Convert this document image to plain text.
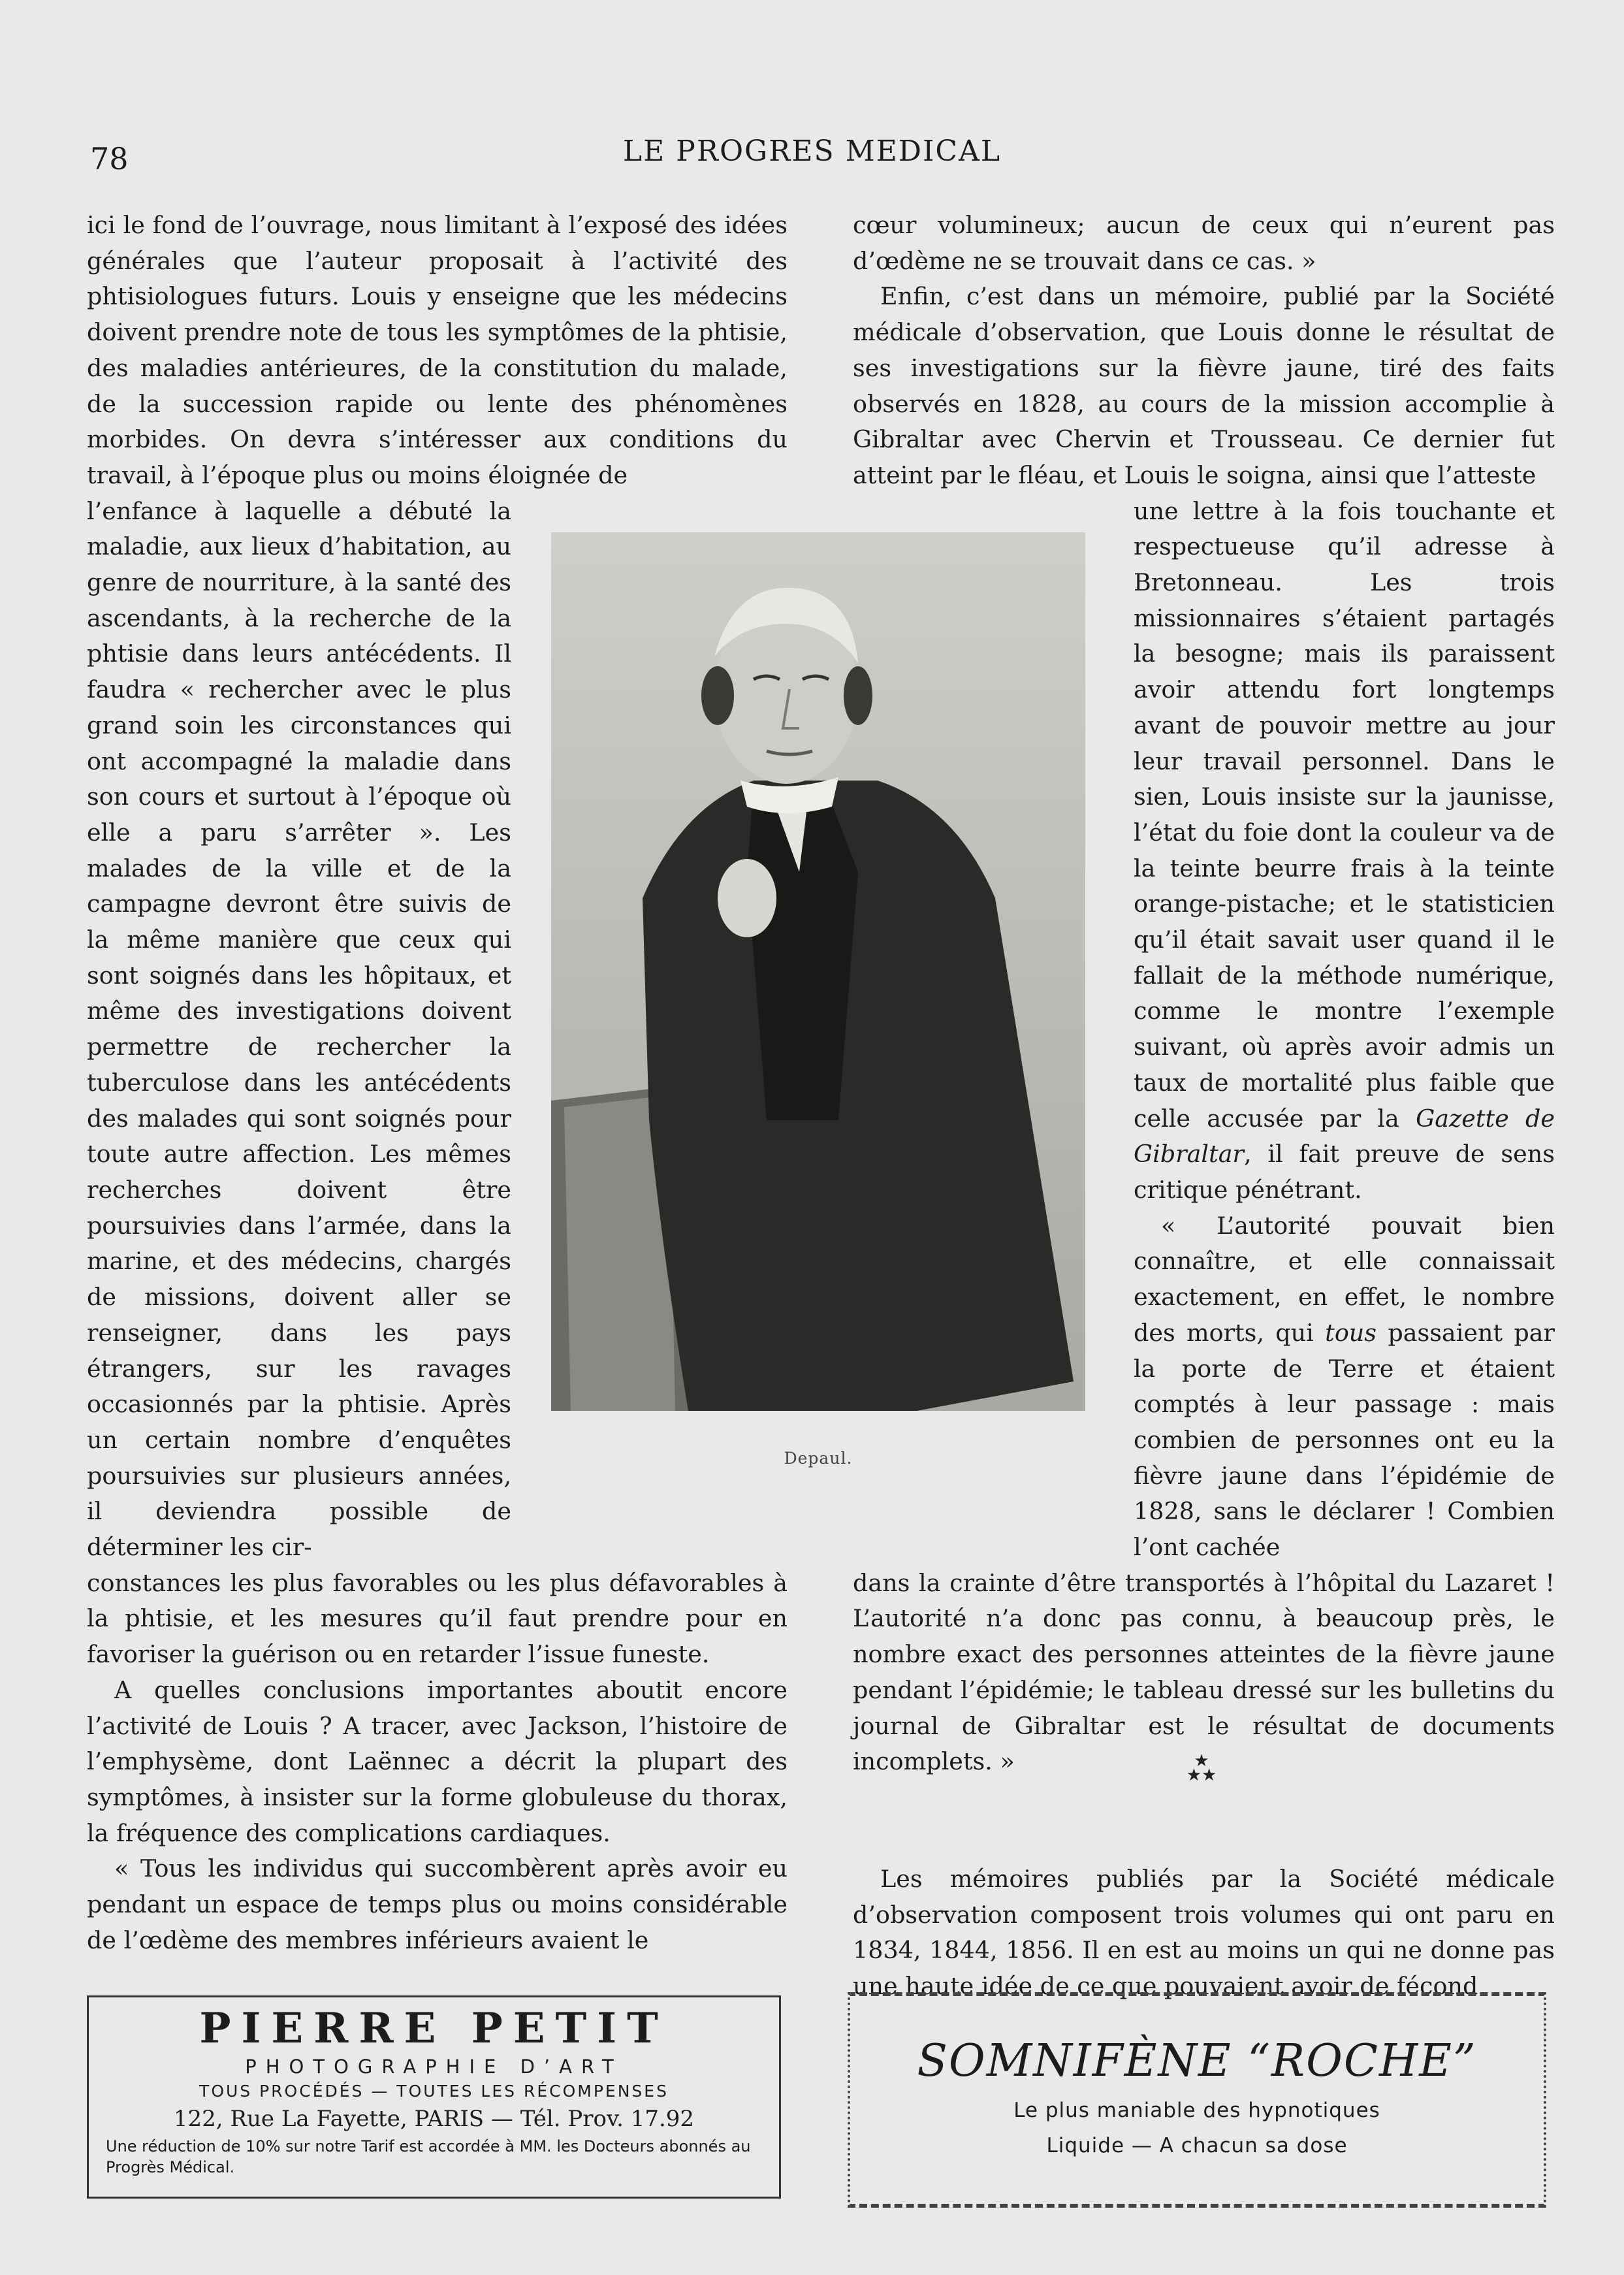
78	LE PROGRES MEDICAL

ici le fond de l’ouvrage, nous limitant à l’exposé des idées générales que l’auteur proposait à l’activité des phtisiologues futurs. Louis y enseigne que les médecins doivent prendre note de tous les symptômes de la phtisie, des maladies antérieures, de la constitution du malade, de la succession rapide ou lente des phénomènes morbides. On devra s’intéresser aux conditions du travail, à l’époque plus ou moins éloignée de

l’enfance à laquelle a débuté la maladie, aux lieux d’habitation, au genre de nourriture, à la santé des ascendants, à la recherche de la phtisie dans leurs antécédents. Il faudra « rechercher avec le plus grand soin les circonstances qui ont accompagné la maladie dans son cours et surtout à l’époque où elle a paru s’arrêter ». Les malades de la ville et de la campagne devront être suivis de la même manière que ceux qui sont soignés dans les hôpitaux, et même des investigations doivent permettre de rechercher la tuberculose dans les antécédents des malades qui sont soignés pour toute autre affection. Les mêmes recherches doivent être poursuivies dans l’armée, dans la marine, et des médecins, chargés de missions, doivent aller se renseigner, dans les pays étrangers, sur les ravages occasionnés par la phtisie. Après un certain nombre d’enquêtes poursuivies sur plusieurs années, il deviendra possible de déterminer les cir-

constances les plus favorables ou les plus défavorables à la phtisie, et les mesures qu’il faut prendre pour en favoriser la guérison ou en retarder l’issue funeste.

A quelles conclusions importantes aboutit encore l’activité de Louis ? A tracer, avec Jackson, l’histoire de l’emphysème, dont Laënnec a décrit la plupart des symptômes, à insister sur la forme globuleuse du thorax, la fréquence des complications cardiaques.

« Tous les individus qui succombèrent après avoir eu pendant un espace de temps plus ou moins considérable de l’œdème des membres inférieurs avaient le

cœur volumineux; aucun de ceux qui n’eurent pas d’œdème ne se trouvait dans ce cas. »

Enfin, c’est dans un mémoire, publié par la Société médicale d’observation, que Louis donne le résultat de ses investigations sur la fièvre jaune, tiré des faits observés en 1828, au cours de la mission accomplie à Gibraltar avec Chervin et Trousseau. Ce dernier fut atteint par le fléau, et Louis le soigna, ainsi que l’atteste

une lettre à la fois touchante et respectueuse qu’il adresse à Bretonneau. Les trois missionnaires s’étaient partagés la besogne; mais ils paraissent avoir attendu fort longtemps avant de pouvoir mettre au jour leur travail personnel. Dans le sien, Louis insiste sur la jaunisse, l’état du foie dont la couleur va de la teinte beurre frais à la teinte orange-pistache; et le statisticien qu’il était savait user quand il le fallait de la méthode numérique, comme le montre l’exemple suivant, où après avoir admis un taux de mortalité plus faible que celle accusée par la Gazette de Gibraltar, il fait preuve de sens critique pénétrant.

« L’autorité pouvait bien connaître, et elle connaissait exactement, en effet, le nombre des morts, qui tous passaient par la porte de Terre et étaient comptés à leur passage : mais combien de personnes ont eu la fièvre jaune dans l’épidémie de 1828, sans le déclarer ! Combien l’ont cachée

dans la crainte d’être transportés à l’hôpital du Lazaret ! L’autorité n’a donc pas connu, à beaucoup près, le nombre exact des personnes atteintes de la fièvre jaune pendant l’épidémie; le tableau dressé sur les bulletins du journal de Gibraltar est le résultat de documents incomplets. »

Les mémoires publiés par la Société médicale d’observation composent trois volumes qui ont paru en 1834, 1844, 1856. Il en est au moins un qui ne donne pas une haute idée de ce que pouvaient avoir de fécond

Depaul.
★
★★
PIERRE PETIT
PHOTOGRAPHIE D’ART
TOUS PROCÉDÉS — TOUTES LES RÉCOMPENSES
122, Rue La Fayette, PARIS — Tél. Prov. 17.92
Une réduction de 10% sur notre Tarif est accordée à MM. les Docteurs abonnés au Progrès Médical.
SOMNIFÈNE “ROCHE”
Le plus maniable des hypnotiques
Liquide — A chacun sa dose
